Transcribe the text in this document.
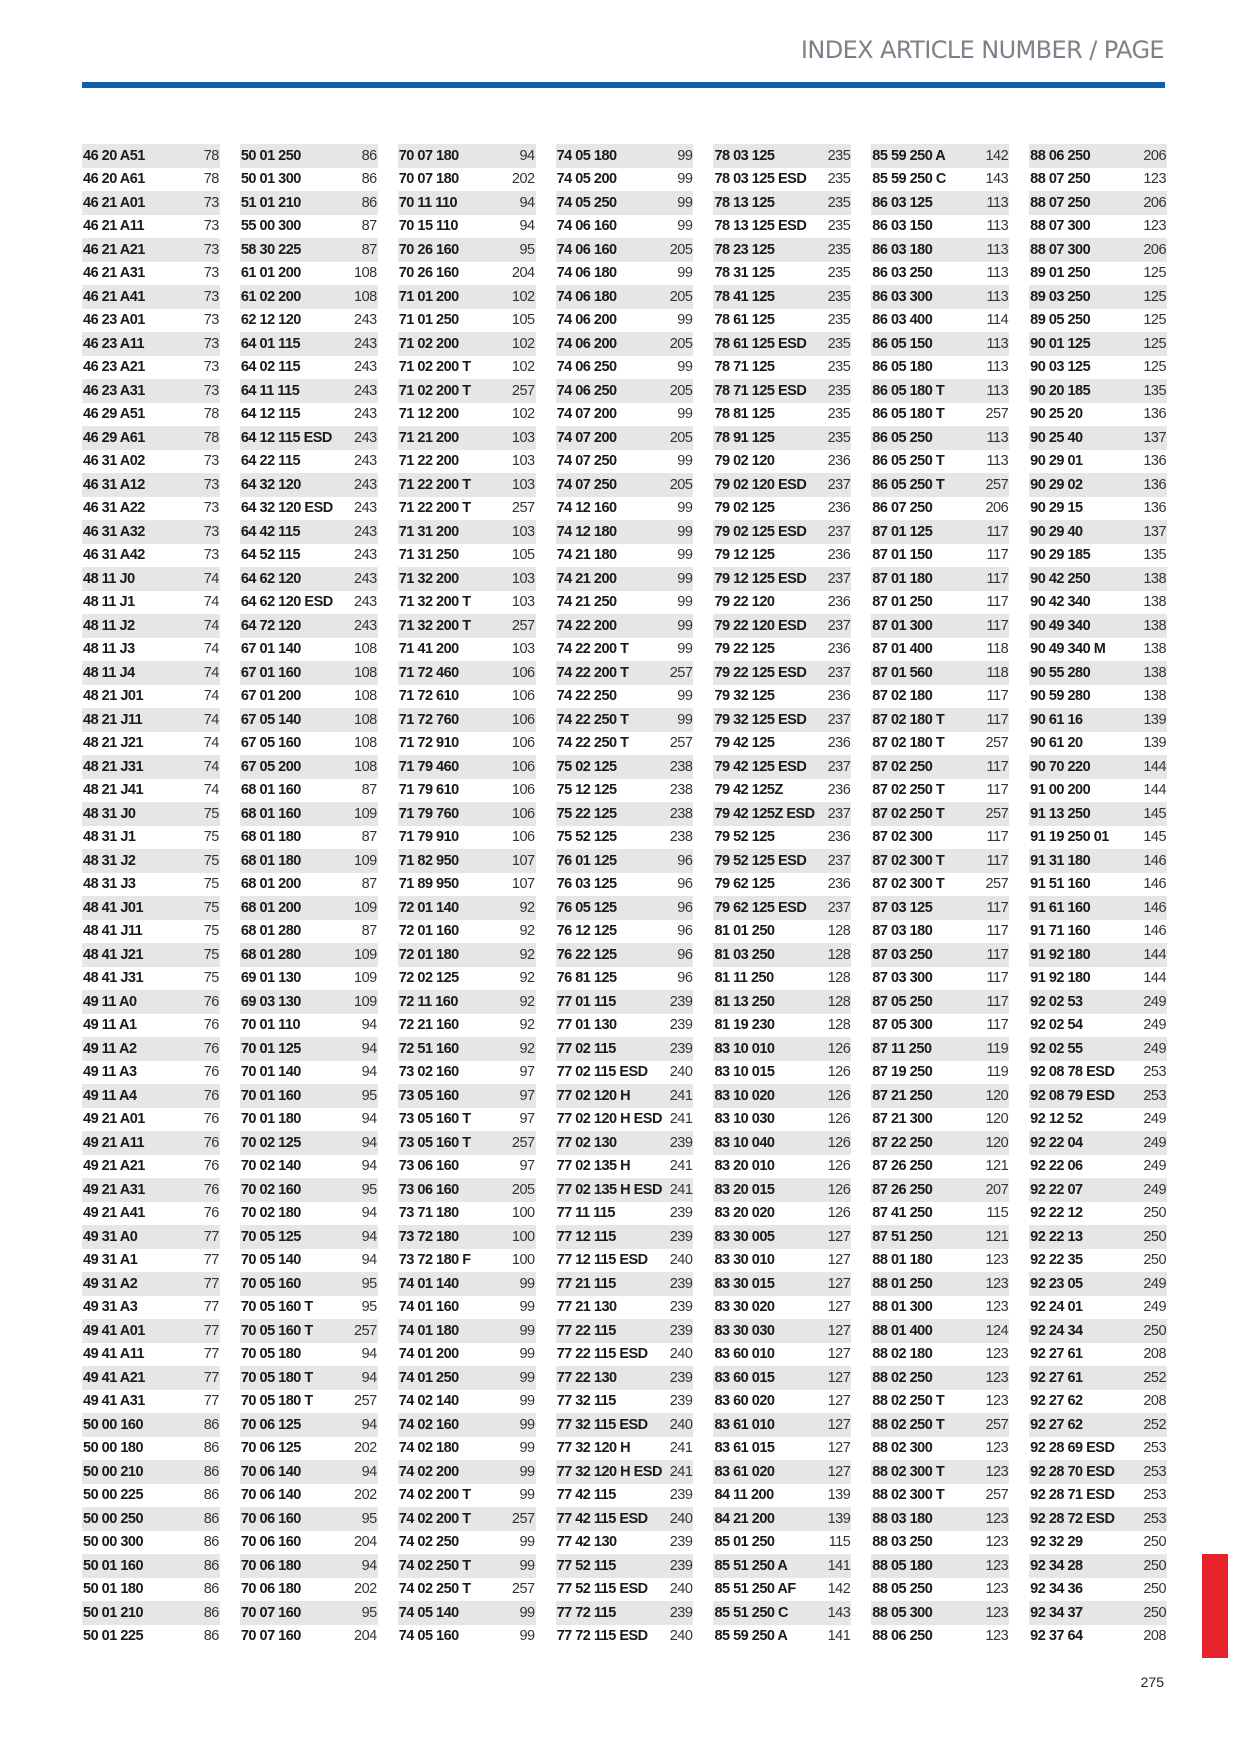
INDEX ARTICLE NUMBER / PAGE
46 20 A51	78
46 20 A61	78
46 21 A01	73
46 21 A11	73
46 21 A21	73
46 21 A31	73
46 21 A41	73
46 23 A01	73
46 23 A11	73
46 23 A21	73
46 23 A31	73
46 29 A51	78
46 29 A61	78
46 31 A02	73
46 31 A12	73
46 31 A22	73
46 31 A32	73
46 31 A42	73
48 11 J0	74
48 11 J1	74
48 11 J2	74
48 11 J3	74
48 11 J4	74
48 21 J01	74
48 21 J11	74
48 21 J21	74
48 21 J31	74
48 21 J41	74
48 31 J0	75
48 31 J1	75
48 31 J2	75
48 31 J3	75
48 41 J01	75
48 41 J11	75
48 41 J21	75
48 41 J31	75
49 11 A0	76
49 11 A1	76
49 11 A2	76
49 11 A3	76
49 11 A4	76
49 21 A01	76
49 21 A11	76
49 21 A21	76
49 21 A31	76
49 21 A41	76
49 31 A0	77
49 31 A1	77
49 31 A2	77
49 31 A3	77
49 41 A01	77
49 41 A11	77
49 41 A21	77
49 41 A31	77
50 00 160	86
50 00 180	86
50 00 210	86
50 00 225	86
50 00 250	86
50 00 300	86
50 01 160	86
50 01 180	86
50 01 210	86
50 01 225	86
50 01 250	86
50 01 300	86
51 01 210	86
55 00 300	87
58 30 225	87
61 01 200	108
61 02 200	108
62 12 120	243
64 01 115	243
64 02 115	243
64 11 115	243
64 12 115	243
64 12 115 ESD 243
64 22 115	243
64 32 120	243
64 32 120 ESD 243
64 42 115	243
64 52 115	243
64 62 120	243
64 62 120 ESD 243
64 72 120	243
67 01 140	108
67 01 160	108
67 01 200	108
67 05 140	108
67 05 160	108
67 05 200	108
68 01 160	87
68 01 160	109
68 01 180	87
68 01 180	109
68 01 200	87
68 01 200	109
68 01 280	87
68 01 280	109
69 01 130	109
69 03 130	109
70 01 110	94
70 01 125	94
70 01 140	94
70 01 160	95
70 01 180	94
70 02 125	94
70 02 140	94
70 02 160	95
70 02 180	94
70 05 125	94
70 05 140	94
70 05 160	95
70 05 160 T	95
70 05 160 T	257
70 05 180	94
70 05 180 T	94
70 05 180 T	257
70 06 125	94
70 06 125	202
70 06 140	94
70 06 140	202
70 06 160	95
70 06 160	204
70 06 180	94
70 06 180	202
70 07 160	95
70 07 160	204
70 07 180	94
70 07 180	202
70 11 110	94
70 15 110	94
70 26 160	95
70 26 160	204
71 01 200	102
71 01 250	105
71 02 200	102
71 02 200 T	102
71 02 200 T	257
71 12 200	102
71 21 200	103
71 22 200	103
71 22 200 T	103
71 22 200 T	257
71 31 200	103
71 31 250	105
71 32 200	103
71 32 200 T	103
71 32 200 T	257
71 41 200	103
71 72 460	106
71 72 610	106
71 72 760	106
71 72 910	106
71 79 460	106
71 79 610	106
71 79 760	106
71 79 910	106
71 82 950	107
71 89 950	107
72 01 140	92
72 01 160	92
72 01 180	92
72 02 125	92
72 11 160	92
72 21 160	92
72 51 160	92
73 02 160	97
73 05 160	97
73 05 160 T	97
73 05 160 T	257
73 06 160	97
73 06 160	205
73 71 180	100
73 72 180	100
73 72 180 F	100
74 01 140	99
74 01 160	99
74 01 180	99
74 01 200	99
74 01 250	99
74 02 140	99
74 02 160	99
74 02 180	99
74 02 200	99
74 02 200 T	99
74 02 200 T	257
74 02 250	99
74 02 250 T	99
74 02 250 T	257
74 05 140	99
74 05 160	99
74 05 180	99
74 05 200	99
74 05 250	99
74 06 160	99
74 06 160	205
74 06 180	99
74 06 180	205
74 06 200	99
74 06 200	205
74 06 250	99
74 06 250	205
74 07 200	99
74 07 200	205
74 07 250	99
74 07 250	205
74 12 160	99
74 12 180	99
74 21 180	99
74 21 200	99
74 21 250	99
74 22 200	99
74 22 200 T	99
74 22 200 T	257
74 22 250	99
74 22 250 T	99
74 22 250 T	257
75 02 125	238
75 12 125	238
75 22 125	238
75 52 125	238
76 01 125	96
76 03 125	96
76 05 125	96
76 12 125	96
76 22 125	96
76 81 125	96
77 01 115	239
77 01 130	239
77 02 115	239
77 02 115 ESD 240
77 02 120 H	241
77 02 120 H ESD 241
77 02 130	239
77 02 135 H	241
77 02 135 H ESD 241
77 11 115	239
77 12 115	239
77 12 115 ESD 240
77 21 115	239
77 21 130	239
77 22 115	239
77 22 115 ESD 240
77 22 130	239
77 32 115	239
77 32 115 ESD 240
77 32 120 H	241
77 32 120 H ESD 241
77 42 115	239
77 42 115 ESD 240
77 42 130	239
77 52 115	239
77 52 115 ESD 240
77 72 115	239
77 72 115 ESD 240
78 03 125	235
78 03 125 ESD 235
78 13 125	235
78 13 125 ESD 235
78 23 125	235
78 31 125	235
78 41 125	235
78 61 125	235
78 61 125 ESD 235
78 71 125	235
78 71 125 ESD 235
78 81 125	235
78 91 125	235
79 02 120	236
79 02 120 ESD 237
79 02 125	236
79 02 125 ESD 237
79 12 125	236
79 12 125 ESD 237
79 22 120	236
79 22 120 ESD 237
79 22 125	236
79 22 125 ESD 237
79 32 125	236
79 32 125 ESD 237
79 42 125	236
79 42 125 ESD 237
79 42 125Z	236
79 42 125Z ESD 237
79 52 125	236
79 52 125 ESD 237
79 62 125	236
79 62 125 ESD 237
81 01 250	128
81 03 250	128
81 11 250	128
81 13 250	128
81 19 230	128
83 10 010	126
83 10 015	126
83 10 020	126
83 10 030	126
83 10 040	126
83 20 010	126
83 20 015	126
83 20 020	126
83 30 005	127
83 30 010	127
83 30 015	127
83 30 020	127
83 30 030	127
83 60 010	127
83 60 015	127
83 60 020	127
83 61 010	127
83 61 015	127
83 61 020	127
84 11 200	139
84 21 200	139
85 01 250	115
85 51 250 A	141
85 51 250 AF 142
85 51 250 C	143
85 59 250 A	141
85 59 250 A	142
85 59 250 C	143
86 03 125	113
86 03 150	113
86 03 180	113
86 03 250	113
86 03 300	113
86 03 400	114
86 05 150	113
86 05 180	113
86 05 180 T	113
86 05 180 T	257
86 05 250	113
86 05 250 T	113
86 05 250 T	257
86 07 250	206
87 01 125	117
87 01 150	117
87 01 180	117
87 01 250	117
87 01 300	117
87 01 400	118
87 01 560	118
87 02 180	117
87 02 180 T	117
87 02 180 T	257
87 02 250	117
87 02 250 T	117
87 02 250 T	257
87 02 300	117
87 02 300 T	117
87 02 300 T	257
87 03 125	117
87 03 180	117
87 03 250	117
87 03 300	117
87 05 250	117
87 05 300	117
87 11 250	119
87 19 250	119
87 21 250	120
87 21 300	120
87 22 250	120
87 26 250	121
87 26 250	207
87 41 250	115
87 51 250	121
88 01 180	123
88 01 250	123
88 01 300	123
88 01 400	124
88 02 180	123
88 02 250	123
88 02 250 T	123
88 02 250 T	257
88 02 300	123
88 02 300 T	123
88 02 300 T	257
88 03 180	123
88 03 250	123
88 05 180	123
88 05 250	123
88 05 300	123
88 06 250	123
88 06 250	206
88 07 250	123
88 07 250	206
88 07 300	123
88 07 300	206
89 01 250	125
89 03 250	125
89 05 250	125
90 01 125	125
90 03 125	125
90 20 185	135
90 25 20	136
90 25 40	137
90 29 01	136
90 29 02	136
90 29 15	136
90 29 40	137
90 29 185	135
90 42 250	138
90 42 340	138
90 49 340	138
90 49 340 M	138
90 55 280	138
90 59 280	138
90 61 16	139
90 61 20	139
90 70 220	144
91 00 200	144
91 13 250	145
91 19 250 01 145
91 31 180	146
91 51 160	146
91 61 160	146
91 71 160	146
91 92 180	144
91 92 180	144
92 02 53	249
92 02 54	249
92 02 55	249
92 08 78 ESD 253
92 08 79 ESD 253
92 12 52	249
92 22 04	249
92 22 06	249
92 22 07	249
92 22 12	250
92 22 13	250
92 22 35	250
92 23 05	249
92 24 01	249
92 24 34	250
92 27 61	208
92 27 61	252
92 27 62	208
92 27 62	252
92 28 69 ESD 253
92 28 70 ESD 253
92 28 71 ESD 253
92 28 72 ESD 253
92 32 29	250
92 34 28	250
92 34 36	250
92 34 37	250
92 37 64	208
275
